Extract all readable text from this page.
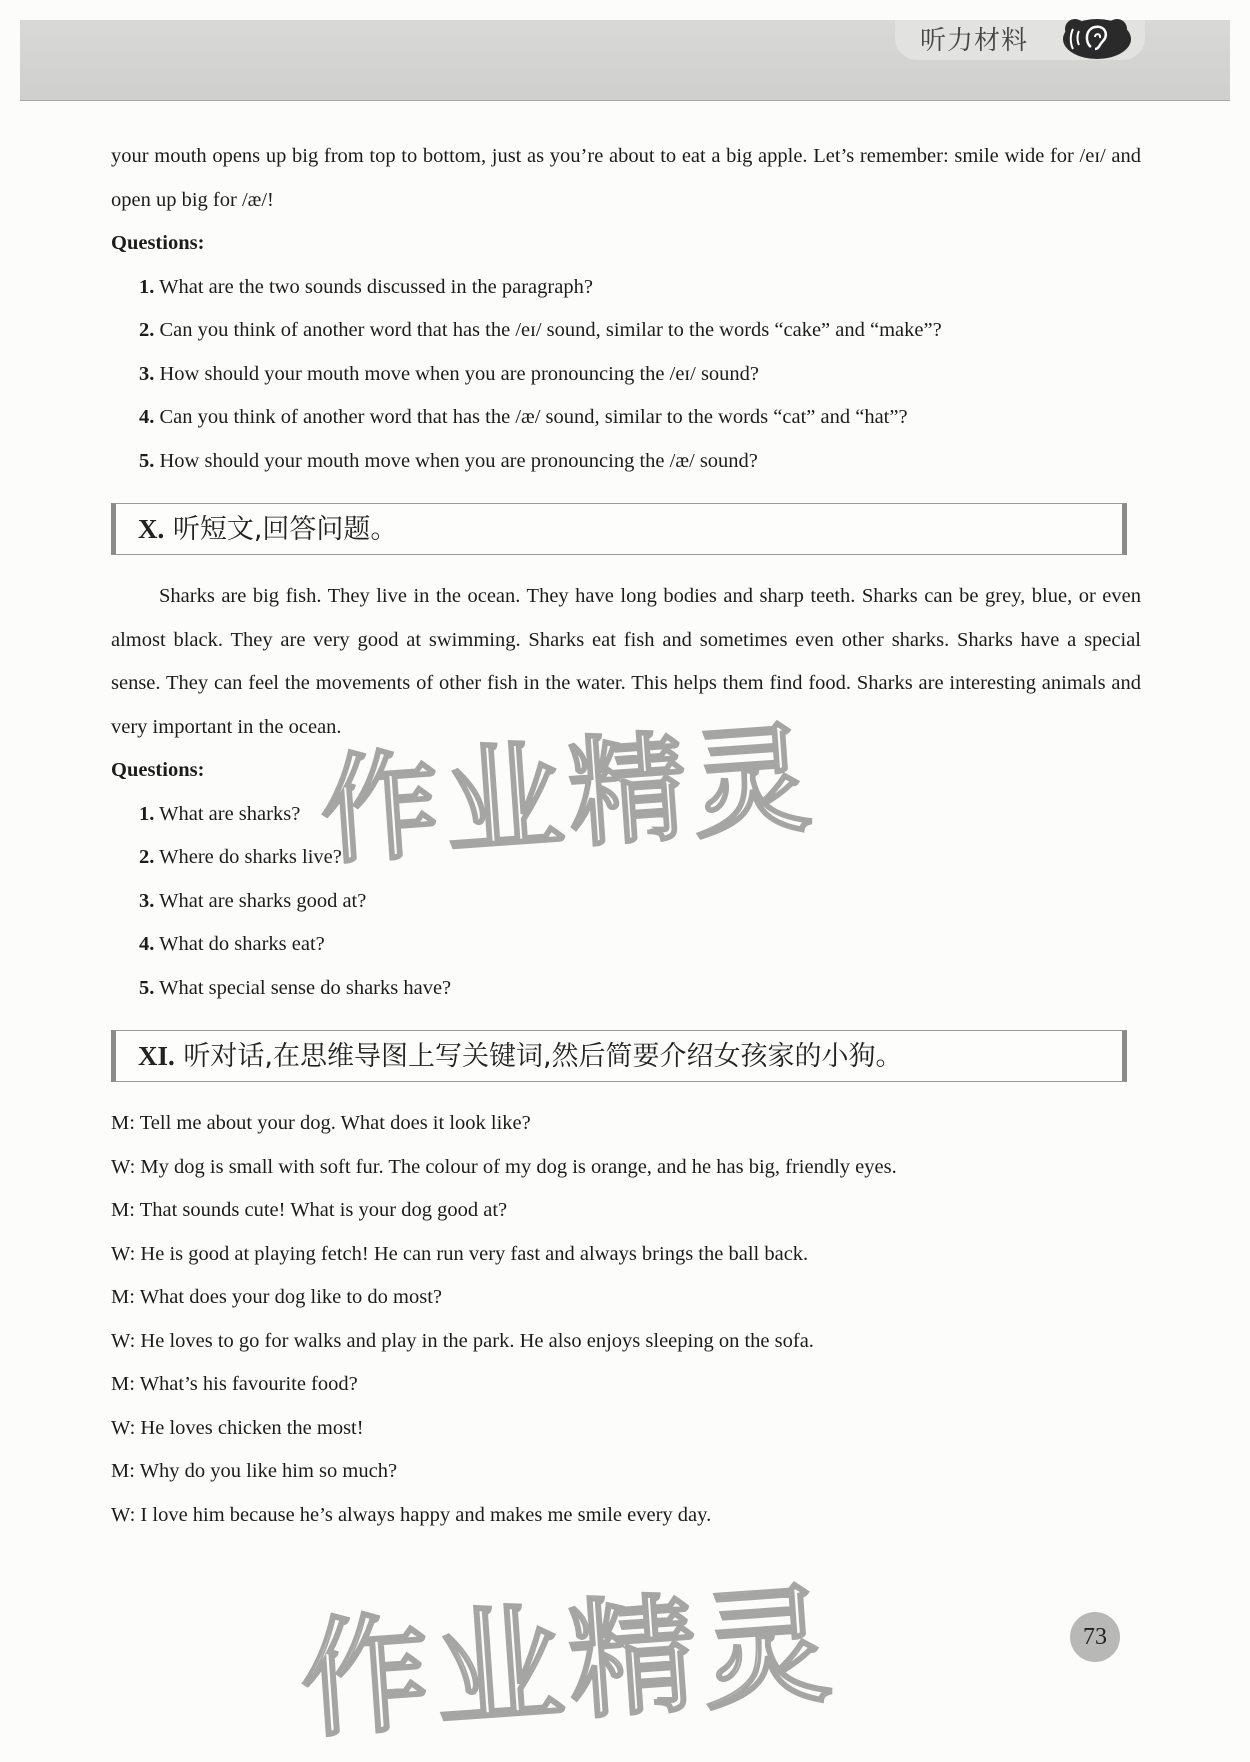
听力材料

your mouth opens up big from top to bottom, just as you’re about to eat a big apple. Let’s remember: smile wide for /eɪ/ and open up big for /æ/!

Questions:

1. What are the two sounds discussed in the paragraph?

2. Can you think of another word that has the /eɪ/ sound, similar to the words “cake” and “make”?

3. How should your mouth move when you are pronouncing the /eɪ/ sound?

4. Can you think of another word that has the /æ/ sound, similar to the words “cat” and “hat”?

5. How should your mouth move when you are pronouncing the /æ/ sound?

X. 听短文,回答问题。

Sharks are big fish. They live in the ocean. They have long bodies and sharp teeth. Sharks can be grey, blue, or even almost black. They are very good at swimming. Sharks eat fish and sometimes even other sharks. Sharks have a special sense. They can feel the movements of other fish in the water. This helps them find food. Sharks are interesting animals and very important in the ocean.

Questions:

1. What are sharks?

2. Where do sharks live?

3. What are sharks good at?

4. What do sharks eat?

5. What special sense do sharks have?

XI. 听对话,在思维导图上写关键词,然后简要介绍女孩家的小狗。

M: Tell me about your dog. What does it look like?

W: My dog is small with soft fur. The colour of my dog is orange, and he has big, friendly eyes.

M: That sounds cute! What is your dog good at?

W: He is good at playing fetch! He can run very fast and always brings the ball back.

M: What does your dog like to do most?

W: He loves to go for walks and play in the park. He also enjoys sleeping on the sofa.

M: What’s his favourite food?

W: He loves chicken the most!

M: Why do you like him so much?

W: I love him because he’s always happy and makes me smile every day.

作业精灵
作业精灵	73
